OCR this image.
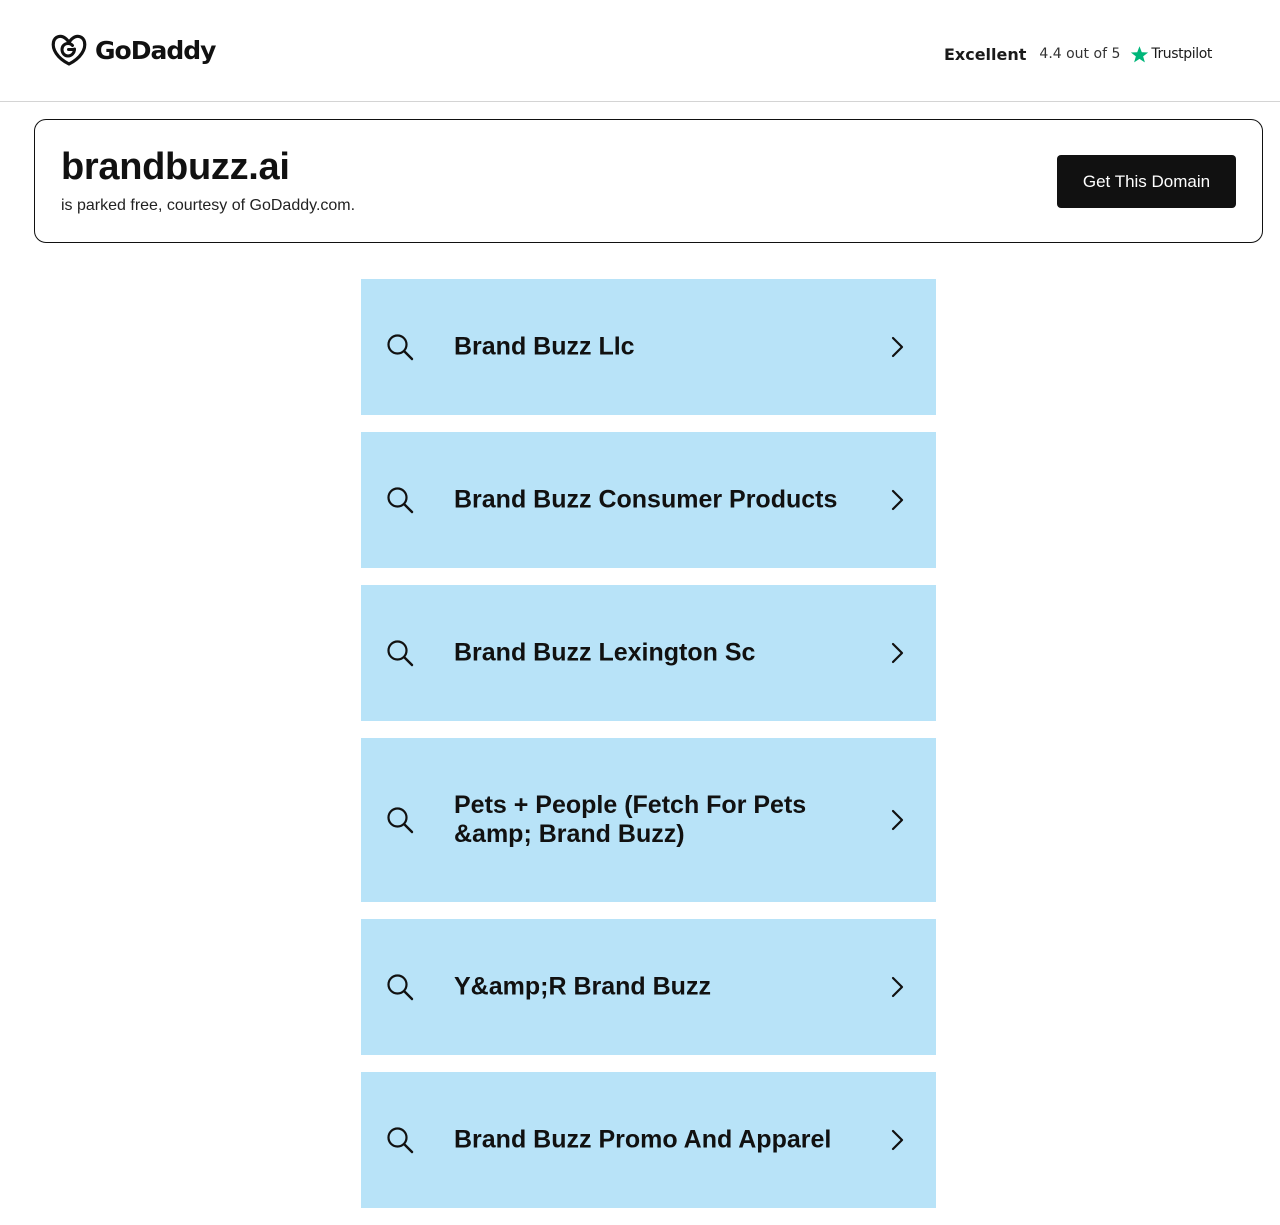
GoDaddy	Excellent 4.4 out of 5 Trustpilot
brandbuzz.ai
is parked free, courtesy of GoDaddy.com.
Get This Domain
Brand Buzz Llc
Brand Buzz Consumer Products
Brand Buzz Lexington Sc
Pets + People (Fetch For Pets &amp; Brand Buzz)
Y&amp;R Brand Buzz
Brand Buzz Promo And Apparel
